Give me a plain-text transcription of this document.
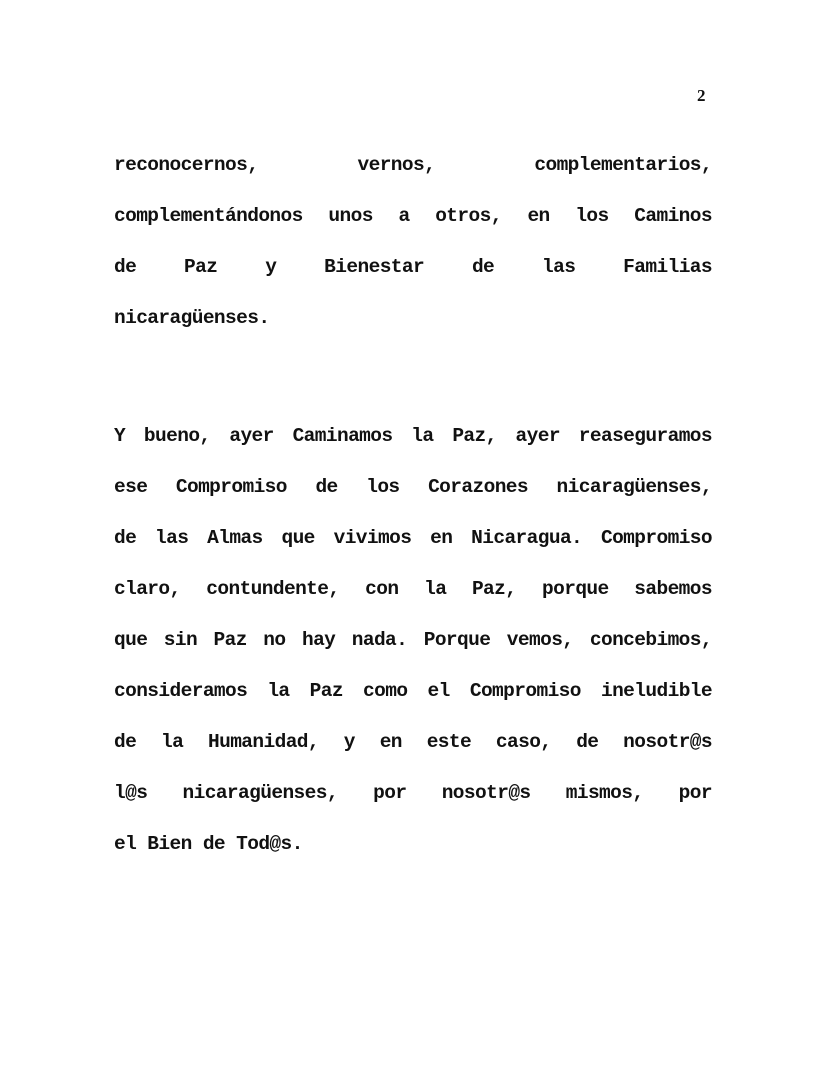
2
reconocernos, vernos, complementarios,
complementándonos unos a otros, en los Caminos
de Paz y Bienestar de las Familias
nicaragüenses.
Y bueno, ayer Caminamos la Paz, ayer reaseguramos
ese Compromiso de los Corazones nicaragüenses,
de las Almas que vivimos en Nicaragua. Compromiso
claro, contundente, con la Paz, porque sabemos
que sin Paz no hay nada. Porque vemos, concebimos,
consideramos la Paz como el Compromiso ineludible
de la Humanidad, y en este caso, de nosotr@s
l@s nicaragüenses, por nosotr@s mismos, por
el Bien de Tod@s.
